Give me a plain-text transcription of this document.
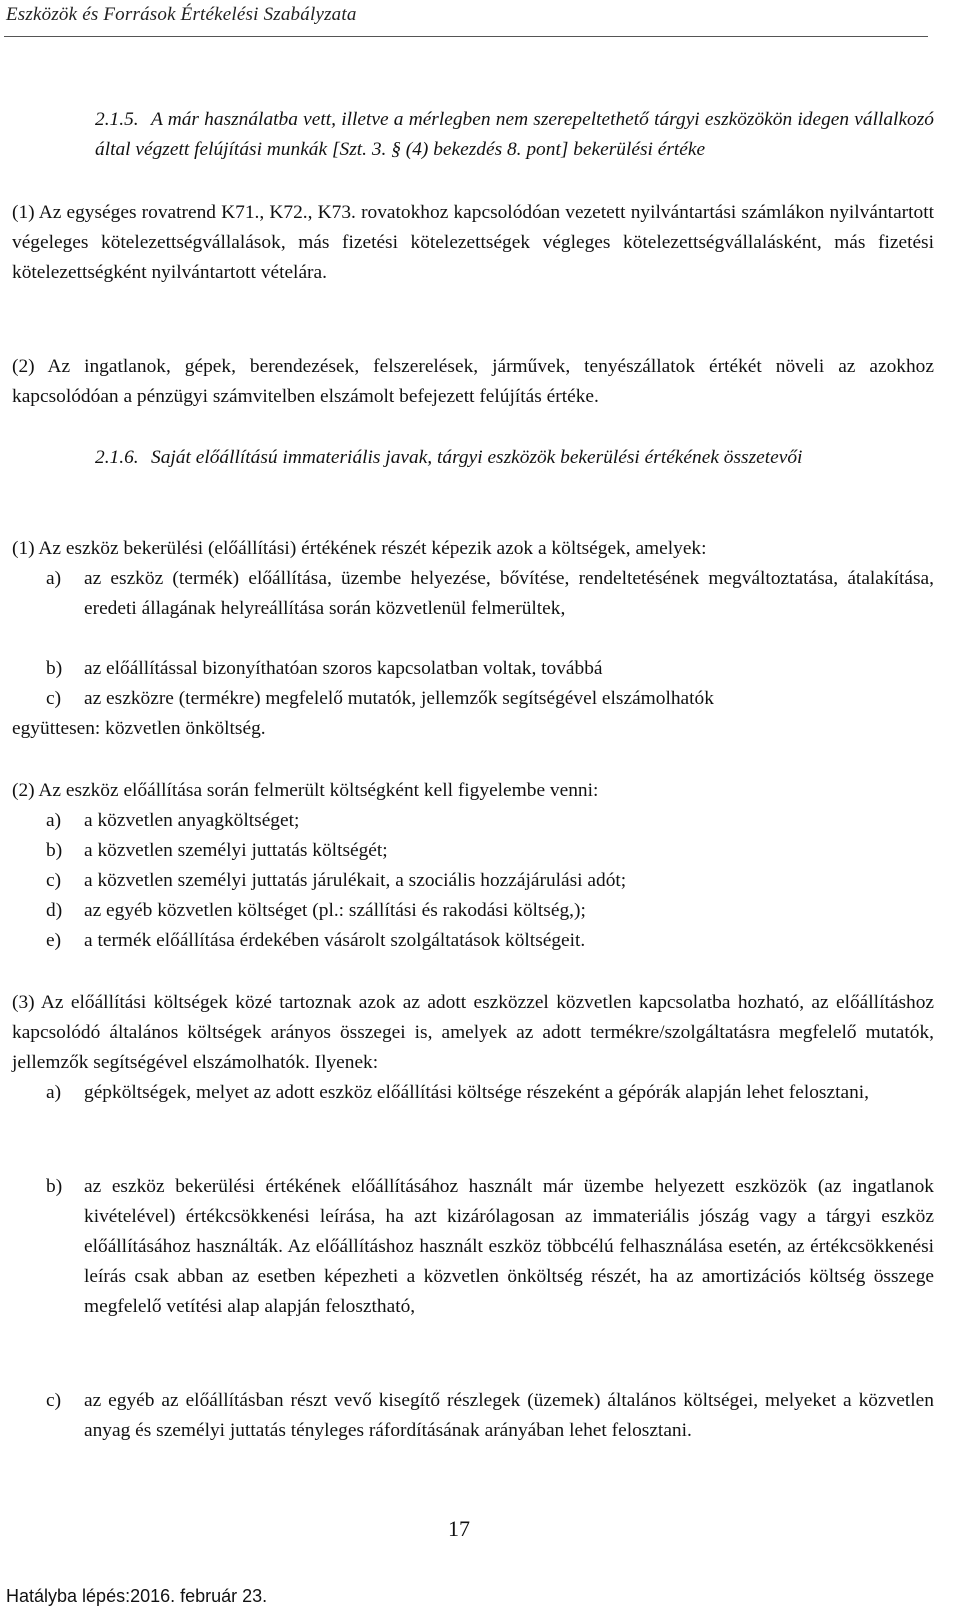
Eszközök és Források Értékelési Szabályzata
2.1.5. A már használatba vett, illetve a mérlegben nem szerepeltethető tárgyi eszközökön idegen vállalkozó által végzett felújítási munkák [Szt. 3. § (4) bekezdés 8. pont] bekerülési értéke

(1) Az egységes rovatrend K71., K72., K73. rovatokhoz kapcsolódóan vezetett nyilvántartási számlákon nyilvántartott végeleges kötelezettségvállalások, más fizetési kötelezettségek végleges kötelezettségvállalásként, más fizetési kötelezettségként nyilvántartott vételára.

(2) Az ingatlanok, gépek, berendezések, felszerelések, járművek, tenyészállatok értékét növeli az azokhoz kapcsolódóan a pénzügyi számvitelben elszámolt befejezett felújítás értéke.

2.1.6. Saját előállítású immateriális javak, tárgyi eszközök bekerülési értékének összetevői

(1) Az eszköz bekerülési (előállítási) értékének részét képezik azok a költségek, amelyek:

a) az eszköz (termék) előállítása, üzembe helyezése, bővítése, rendeltetésének megváltoztatása, átalakítása, eredeti állagának helyreállítása során közvetlenül felmerültek,
b) az előállítással bizonyíthatóan szoros kapcsolatban voltak, továbbá
c) az eszközre (termékre) megfelelő mutatók, jellemzők segítségével elszámolhatók

együttesen: közvetlen önköltség.

(2) Az eszköz előállítása során felmerült költségként kell figyelembe venni:

a) a közvetlen anyagköltséget;
b) a közvetlen személyi juttatás költségét;
c) a közvetlen személyi juttatás járulékait, a szociális hozzájárulási adót;
d) az egyéb közvetlen költséget (pl.: szállítási és rakodási költség,);
e) a termék előállítása érdekében vásárolt szolgáltatások költségeit.

(3) Az előállítási költségek közé tartoznak azok az adott eszközzel közvetlen kapcsolatba hozható, az előállításhoz kapcsolódó általános költségek arányos összegei is, amelyek az adott termékre/szolgáltatásra megfelelő mutatók, jellemzők segítségével elszámolhatók. Ilyenek:

a) gépköltségek, melyet az adott eszköz előállítási költsége részeként a gépórák alapján lehet felosztani,
b) az eszköz bekerülési értékének előállításához használt már üzembe helyezett eszközök (az ingatlanok kivételével) értékcsökkenési leírása, ha azt kizárólagosan az immateriális jószág vagy a tárgyi eszköz előállításához használták. Az előállításhoz használt eszköz többcélú felhasználása esetén, az értékcsökkenési leírás csak abban az esetben képezheti a közvetlen önköltség részét, ha az amortizációs költség összege megfelelő vetítési alap alapján felosztható,
c) az egyéb az előállításban részt vevő kisegítő részlegek (üzemek) általános költségei, melyeket a közvetlen anyag és személyi juttatás tényleges ráfordításának arányában lehet felosztani.
17
Hatályba lépés:2016. február 23.
